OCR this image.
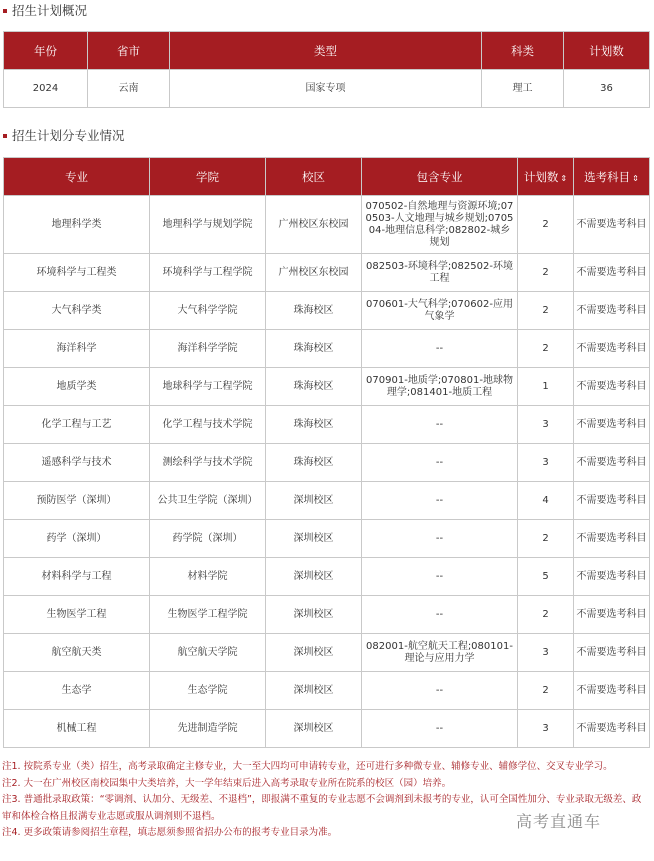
招生计划概况
年份	省市	类型	科类	计划数
2024	云南	国家专项	理工	36
招生计划分专业情况
专业	学院	校区	包含专业	计划数 ⇕	选考科目 ⇕
地理科学类	地理科学与规划学院	广州校区东校园	070502-自然地理与资源环境;070503-人文地理与城乡规划;070504-地理信息科学;082802-城乡规划	2	不需要选考科目
环境科学与工程类	环境科学与工程学院	广州校区东校园	082503-环境科学;082502-环境工程	2	不需要选考科目
大气科学类	大气科学学院	珠海校区	070601-大气科学;070602-应用气象学	2	不需要选考科目
海洋科学	海洋科学学院	珠海校区	--	2	不需要选考科目
地质学类	地球科学与工程学院	珠海校区	070901-地质学;070801-地球物理学;081401-地质工程	1	不需要选考科目
化学工程与工艺	化学工程与技术学院	珠海校区	--	3	不需要选考科目
遥感科学与技术	测绘科学与技术学院	珠海校区	--	3	不需要选考科目
预防医学（深圳）	公共卫生学院（深圳）	深圳校区	--	4	不需要选考科目
药学（深圳）	药学院（深圳）	深圳校区	--	2	不需要选考科目
材料科学与工程	材料学院	深圳校区	--	5	不需要选考科目
生物医学工程	生物医学工程学院	深圳校区	--	2	不需要选考科目
航空航天类	航空航天学院	深圳校区	082001-航空航天工程;080101-理论与应用力学	3	不需要选考科目
生态学	生态学院	深圳校区	--	2	不需要选考科目
机械工程	先进制造学院	深圳校区	--	3	不需要选考科目
注1. 按院系专业（类）招生，高考录取确定主修专业，大一至大四均可申请转专业，还可进行多种微专业、辅修专业、辅修学位、交叉专业学习。
注2. 大一在广州校区南校园集中大类培养，大一学年结束后进入高考录取专业所在院系的校区（园）培养。
注3. 普通批录取政策：“零调剂、认加分、无级差、不退档”，即报满不重复的专业志愿不会调剂到未报考的专业，认可全国性加分、专业录取无级差、政审和体检合格且报满专业志愿或服从调剂则不退档。
注4. 更多政策请参阅招生章程，填志愿须参照省招办公布的报考专业目录为准。
高考直通车
